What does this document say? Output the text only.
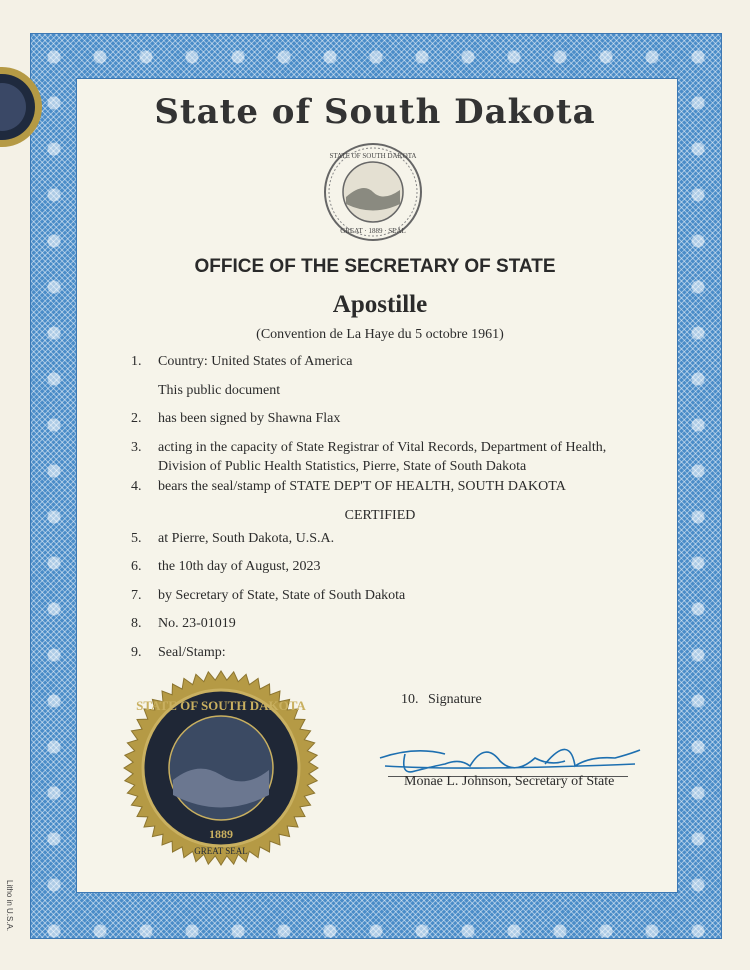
State of South Dakota
STATE OF SOUTH DAKOTA
GREAT · 1889 · SEAL
OFFICE OF THE SECRETARY OF STATE
Apostille
(Convention de La Haye du 5 octobre 1961)
1. Country: United States of America
This public document
2. has been signed by Shawna Flax
3. acting in the capacity of State Registrar of Vital Records, Department of Health,
Division of Public Health Statistics, Pierre, State of South Dakota
4. bears the seal/stamp of STATE DEP'T OF HEALTH, SOUTH DAKOTA
CERTIFIED
5. at Pierre, South Dakota, U.S.A.
6. the 10th day of August, 2023
7. by Secretary of State, State of South Dakota
8. No. 23-01019
9. Seal/Stamp:
10. Signature
Monae L. Johnson, Secretary of State
STATE OF SOUTH DAKOTA
1889
GREAT SEAL
Litho in U.S.A.
